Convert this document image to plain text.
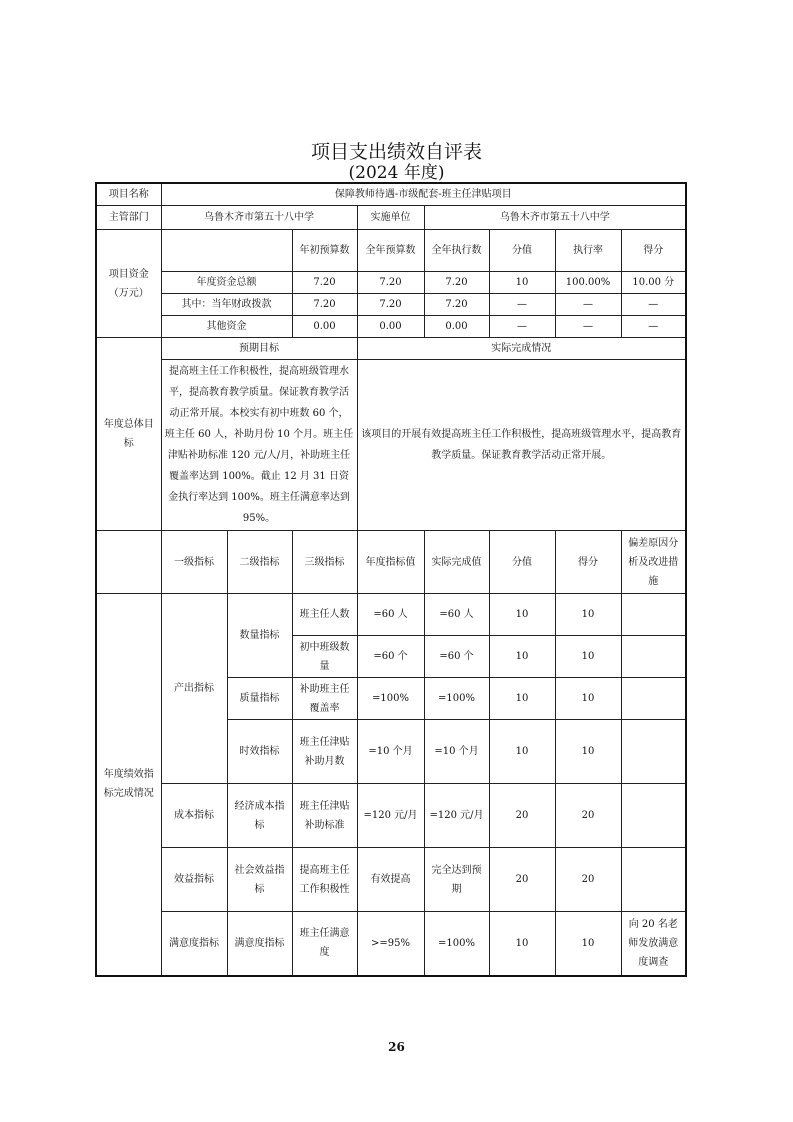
项目支出绩效自评表
(2024 年度)
项目名称	保障教师待遇-市级配套-班主任津贴项目							
主管部门	乌鲁木齐市第五十八中学			实施单位	乌鲁木齐市第五十八中学			
项目资金（万元）			年初预算数	全年预算数	全年执行数	分值	执行率	得分
	年度资金总额		7.20	7.20	7.20	10	100.00%	10.00 分
	其中：当年财政拨款		7.20	7.20	7.20	—	—	—
	其他资金		0.00	0.00	0.00	—	—	—
年度总体目标	预期目标			实际完成情况				
	提高班主任工作积极性，提高班级管理水平，提高教育教学质量。保证教育教学活动正常开展。本校实有初中班数 60 个，班主任 60 人，补助月份 10 个月。班主任津贴补助标准 120 元/人/月，补助班主任覆盖率达到 100%。截止 12 月 31 日资金执行率达到 100%。班主任满意率达到 95%。			该项目的开展有效提高班主任工作积极性，提高班级管理水平，提高教育教学质量。保证教育教学活动正常开展。				
	一级指标	二级指标	三级指标	年度指标值	实际完成值	分值	得分	偏差原因分析及改进措施
年度绩效指标完成情况	产出指标	数量指标	班主任人数	=60 人	=60 人	10	10	
			初中班级数量	=60 个	=60 个	10	10	
		质量指标	补助班主任覆盖率	=100%	=100%	10	10	
		时效指标	班主任津贴补助月数	=10 个月	=10 个月	10	10	
	成本指标	经济成本指标	班主任津贴补助标准	=120 元/月	=120 元/月	20	20	
	效益指标	社会效益指标	提高班主任工作积极性	有效提高	完全达到预期	20	20	
	满意度指标	满意度指标	班主任满意度	>=95%	=100%	10	10	向 20 名老师发放满意度调查
26
